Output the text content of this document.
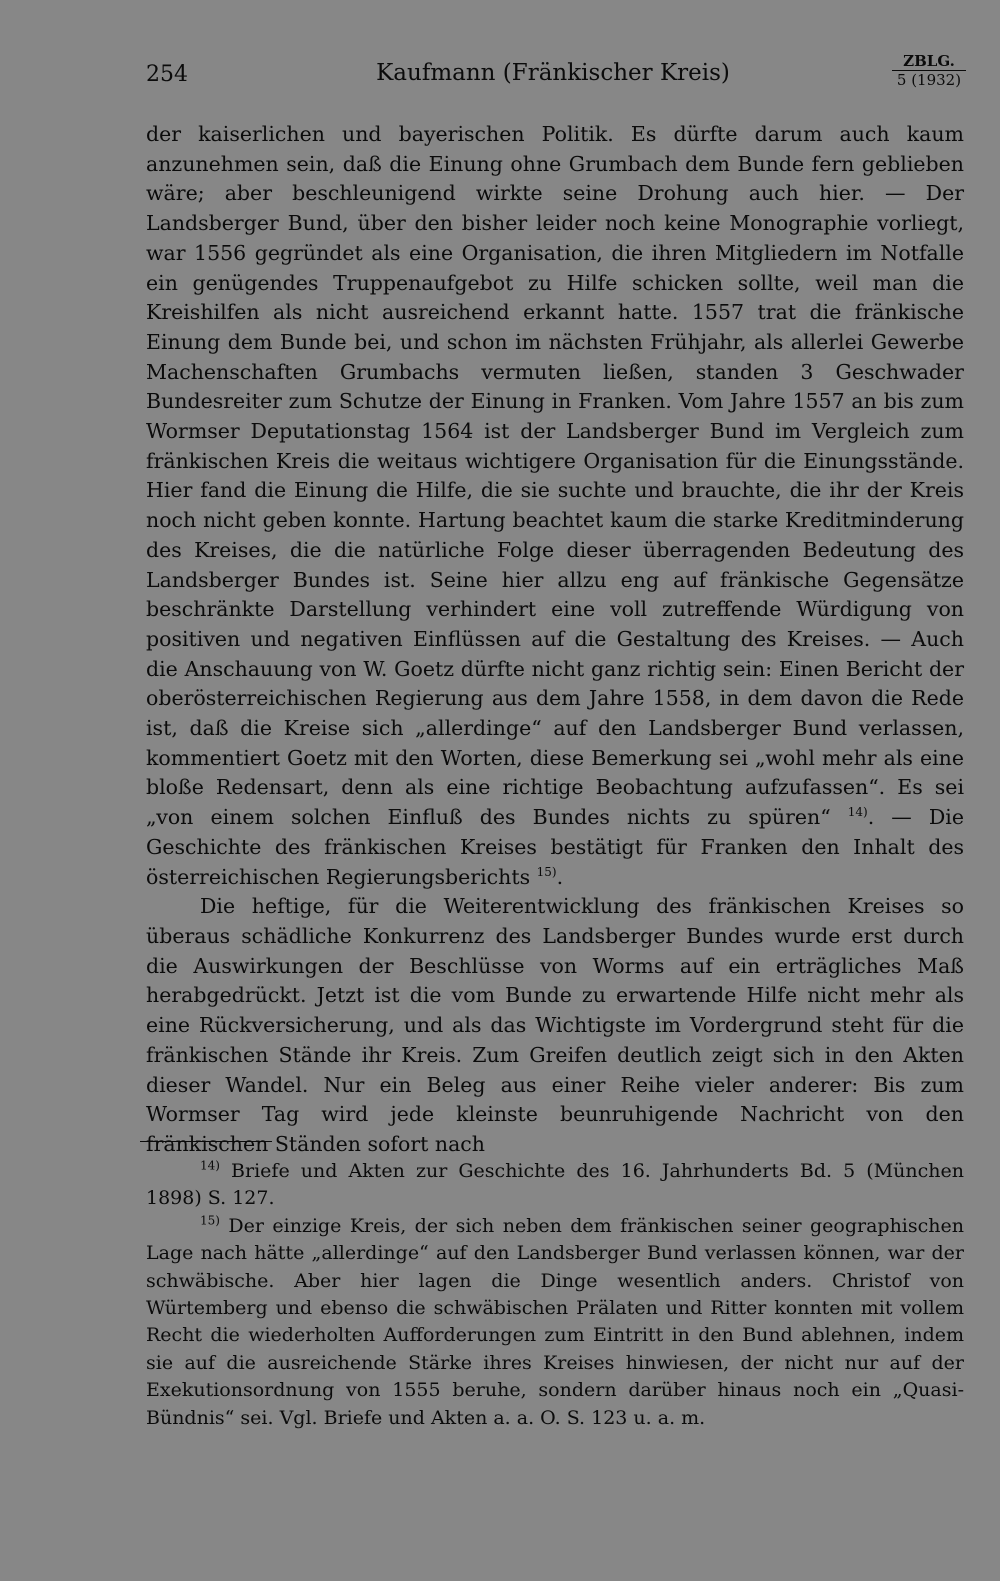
254	Kaufmann (Fränkischer Kreis)	ZBLG.
5 (1932)

der kaiserlichen und bayerischen Politik. Es dürfte darum auch kaum anzunehmen sein, daß die Einung ohne Grumbach dem Bunde fern geblieben wäre; aber beschleunigend wirkte seine Drohung auch hier. — Der Landsberger Bund, über den bisher leider noch keine Monographie vorliegt, war 1556 gegründet als eine Organisation, die ihren Mitgliedern im Notfalle ein genügendes Truppenaufgebot zu Hilfe schicken sollte, weil man die Kreishilfen als nicht ausreichend erkannt hatte. 1557 trat die fränkische Einung dem Bunde bei, und schon im nächsten Frühjahr, als allerlei Gewerbe Machenschaften Grumbachs vermuten ließen, standen 3 Geschwader Bundesreiter zum Schutze der Einung in Franken. Vom Jahre 1557 an bis zum Wormser Deputationstag 1564 ist der Landsberger Bund im Vergleich zum fränkischen Kreis die weitaus wichtigere Organisation für die Einungsstände. Hier fand die Einung die Hilfe, die sie suchte und brauchte, die ihr der Kreis noch nicht geben konnte. Hartung beachtet kaum die starke Kreditminderung des Kreises, die die natürliche Folge dieser überragenden Bedeutung des Landsberger Bundes ist. Seine hier allzu eng auf fränkische Gegensätze beschränkte Darstellung verhindert eine voll zutreffende Würdigung von positiven und negativen Einflüssen auf die Gestaltung des Kreises. — Auch die Anschauung von W. Goetz dürfte nicht ganz richtig sein: Einen Bericht der oberösterreichischen Regierung aus dem Jahre 1558, in dem davon die Rede ist, daß die Kreise sich „allerdinge“ auf den Landsberger Bund verlassen, kommentiert Goetz mit den Worten, diese Bemerkung sei „wohl mehr als eine bloße Redensart, denn als eine richtige Beobachtung aufzufassen“. Es sei „von einem solchen Einfluß des Bundes nichts zu spüren“ $^{14)}$. — Die Geschichte des fränkischen Kreises bestätigt für Franken den Inhalt des österreichischen Regierungsberichts $^{15)}$.

Die heftige, für die Weiterentwicklung des fränkischen Kreises so überaus schädliche Konkurrenz des Landsberger Bundes wurde erst durch die Auswirkungen der Beschlüsse von Worms auf ein erträgliches Maß herabgedrückt. Jetzt ist die vom Bunde zu erwartende Hilfe nicht mehr als eine Rückversicherung, und als das Wichtigste im Vordergrund steht für die fränkischen Stände ihr Kreis. Zum Greifen deutlich zeigt sich in den Akten dieser Wandel. Nur ein Beleg aus einer Reihe vieler anderer: Bis zum Wormser Tag wird jede kleinste beunruhigende Nachricht von den fränkischen Ständen sofort nach

$^{14)}$ Briefe und Akten zur Geschichte des 16. Jahrhunderts Bd. 5 (München 1898) S. 127.

$^{15)}$ Der einzige Kreis, der sich neben dem fränkischen seiner geographischen Lage nach hätte „allerdinge“ auf den Landsberger Bund verlassen können, war der schwäbische. Aber hier lagen die Dinge wesentlich anders. Christof von Würtemberg und ebenso die schwäbischen Prälaten und Ritter konnten mit vollem Recht die wiederholten Aufforderungen zum Eintritt in den Bund ablehnen, indem sie auf die ausreichende Stärke ihres Kreises hinwiesen, der nicht nur auf der Exekutionsordnung von 1555 beruhe, sondern darüber hinaus noch ein „Quasi-Bündnis“ sei. Vgl. Briefe und Akten a. a. O. S. 123 u. a. m.
